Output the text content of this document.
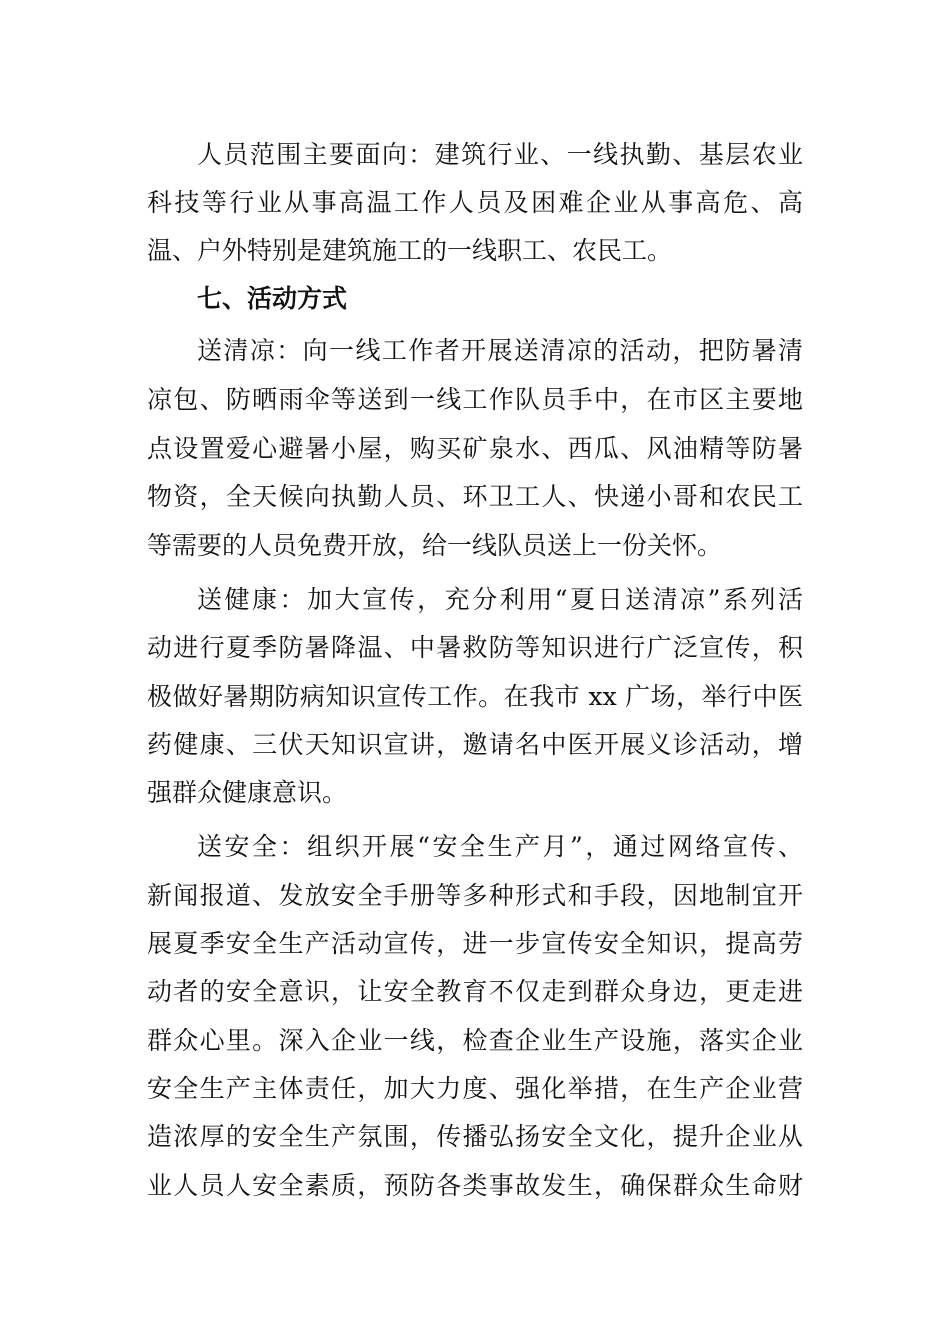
人员范围主要面向：建筑行业、一线执勤、基层农业
科技等行业从事高温工作人员及困难企业从事高危、高
温、户外特别是建筑施工的一线职工、农民工。
七、活动方式
送清凉：向一线工作者开展送清凉的活动，把防暑清
凉包、防晒雨伞等送到一线工作队员手中，在市区主要地
点设置爱心避暑小屋，购买矿泉水、西瓜、风油精等防暑
物资，全天候向执勤人员、环卫工人、快递小哥和农民工
等需要的人员免费开放，给一线队员送上一份关怀。
送健康：加大宣传，充分利用“夏日送清凉”系列活
动进行夏季防暑降温、中暑救防等知识进行广泛宣传，积
极做好暑期防病知识宣传工作。在我市 xx 广场，举行中医
药健康、三伏天知识宣讲，邀请名中医开展义诊活动，增
强群众健康意识。
送安全：组织开展“安全生产月”，通过网络宣传、
新闻报道、发放安全手册等多种形式和手段，因地制宜开
展夏季安全生产活动宣传，进一步宣传安全知识，提高劳
动者的安全意识，让安全教育不仅走到群众身边，更走进
群众心里。深入企业一线，检查企业生产设施，落实企业
安全生产主体责任，加大力度、强化举措，在生产企业营
造浓厚的安全生产氛围，传播弘扬安全文化，提升企业从
业人员人安全素质，预防各类事故发生，确保群众生命财
